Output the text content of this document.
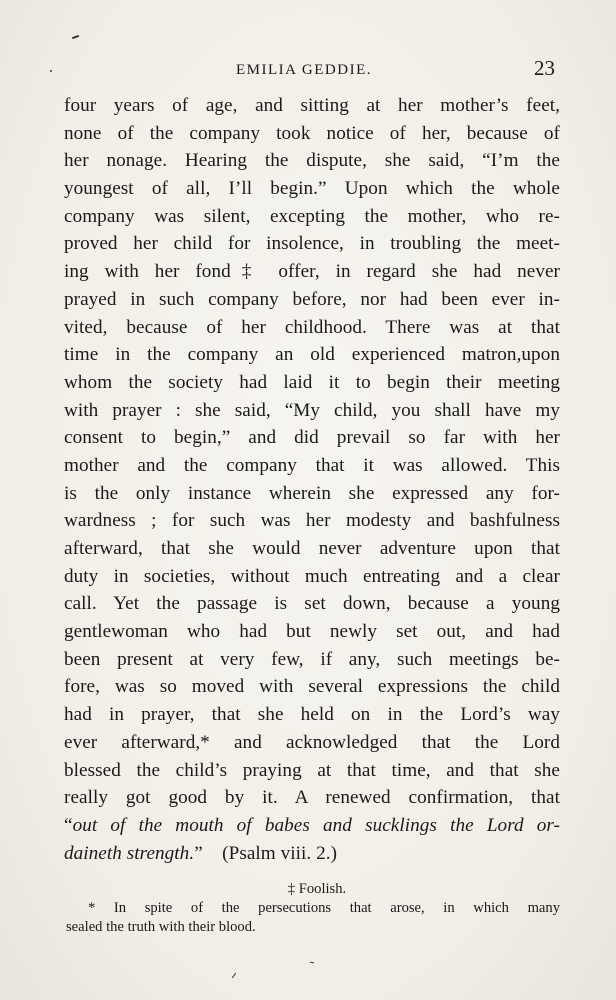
EMILIA GEDDIE.	23
four years of age, and sitting at her mother’s feet,
none of the company took notice of her, because of
her nonage. Hearing the dispute, she said, “I’m the
youngest of all, I’ll begin.” Upon which the whole
company was silent, excepting the mother, who re-
proved her child for insolence, in troubling the meet-
ing with her fond‡ offer, in regard she had never
prayed in such company before, nor had been ever in-
vited, because of her childhood. There was at that
time in the company an old experienced matron,upon
whom the society had laid it to begin their meeting
with prayer : she said, “My child, you shall have my
consent to begin,” and did prevail so far with her
mother and the company that it was allowed. This
is the only instance wherein she expressed any for-
wardness ; for such was her modesty and bashfulness
afterward, that she would never adventure upon that
duty in societies, without much entreating and a clear
call. Yet the passage is set down, because a young
gentlewoman who had but newly set out, and had
been present at very few, if any, such meetings be-
fore, was so moved with several expressions the child
had in prayer, that she held on in the Lord’s way
ever afterward,* and acknowledged that the Lord
blessed the child’s praying at that time, and that she
really got good by it. A renewed confirmation, that
“out of the mouth of babes and sucklings the Lord or-
daineth strength.” (Psalm viii. 2.)
‡ Foolish.
* In spite of the persecutions that arose, in which many
sealed the truth with their blood.
